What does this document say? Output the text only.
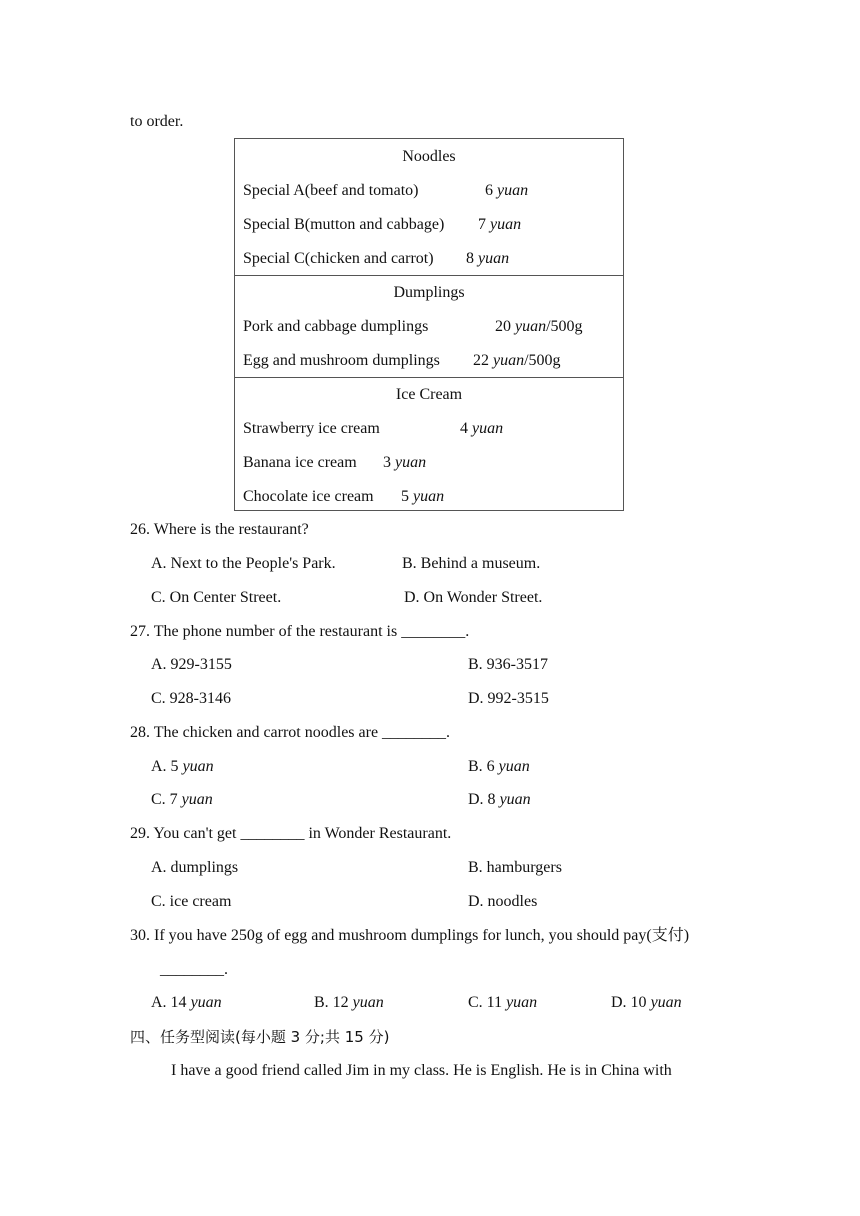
to order.
Noodles
Special A(beef and tomato)	6 yuan
Special B(mutton and cabbage) 7 yuan
Special C(chicken and carrot) 8 yuan
Dumplings
Pork and cabbage dumplings	20 yuan/500g
Egg and mushroom dumplings 22 yuan/500g
Ice Cream
Strawberry ice cream	4 yuan
Banana ice cream 3 yuan
Chocolate ice cream 5 yuan
26. Where is the restaurant?
A. Next to the People's Park.	B. Behind a museum.
C. On Center Street.	D. On Wonder Street.
27. The phone number of the restaurant is ________.
A. 929-3155	B. 936-3517
C. 928-3146	D. 992-3515
28. The chicken and carrot noodles are ________.
A. 5 yuan	B. 6 yuan
C. 7 yuan	D. 8 yuan
29. You can't get ________ in Wonder Restaurant.
A. dumplings	B. hamburgers
C. ice cream	D. noodles
30. If you have 250g of egg and mushroom dumplings for lunch, you should pay(支付)
________.
A. 14 yuan	B. 12 yuan	C. 11 yuan	D. 10 yuan
四、任务型阅读(每小题 3 分;共 15 分)
I have a good friend called Jim in my class. He is English. He is in China with
